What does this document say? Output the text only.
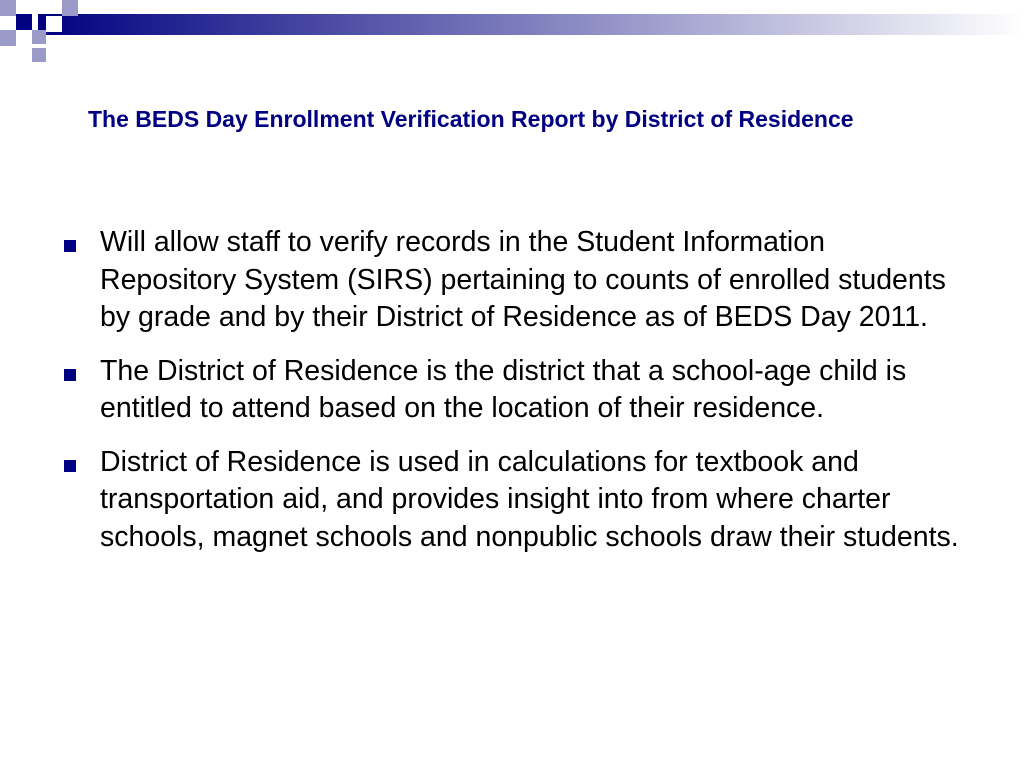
The BEDS Day Enrollment Verification Report by District of Residence
Will allow staff to verify records in the Student Information Repository System (SIRS) pertaining to counts of enrolled students by grade and by their District of Residence as of BEDS Day 2011.
The District of Residence is the district that a school-age child is entitled to attend based on the location of their residence.
District of Residence is used in calculations for textbook and transportation aid, and provides insight into from where charter schools, magnet schools and nonpublic schools draw their students.
